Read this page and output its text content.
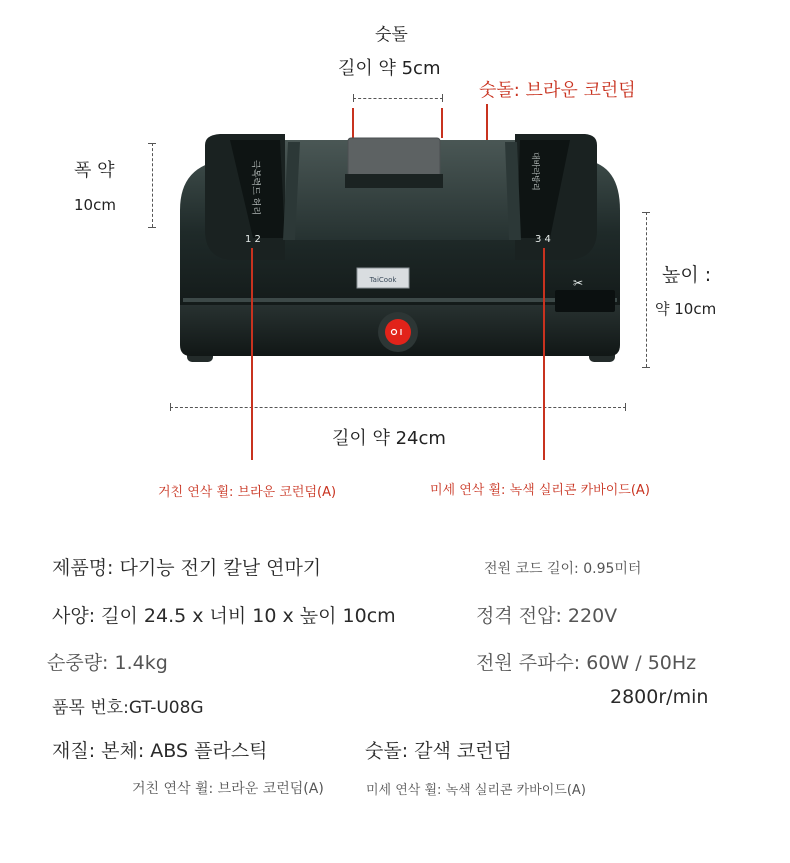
숫돌
길이 약 5cm
숫돌: 브라운 코런덤
폭 약
10cm
높이 :
약 10cm
극복력드 허리	대바라방리
1 2	3 4
TaiCook	✂
길이 약 24cm
거친 연삭 휠: 브라운 코런덤(A)	미세 연삭 휠: 녹색 실리콘 카바이드(A)
제품명: 다기능 전기 칼날 연마기	전원 코드 길이: 0.95미터
사양: 길이 24.5 x 너비 10 x 높이 10cm	정격 전압: 220V
순중량: 1.4kg	전원 주파수: 60W / 50Hz
품목 번호:GT-U08G	2800r/min
재질: 본체: ABS 플라스틱	숫돌: 갈색 코런덤
거친 연삭 휠: 브라운 코런덤(A)	미세 연삭 휠: 녹색 실리콘 카바이드(A)
